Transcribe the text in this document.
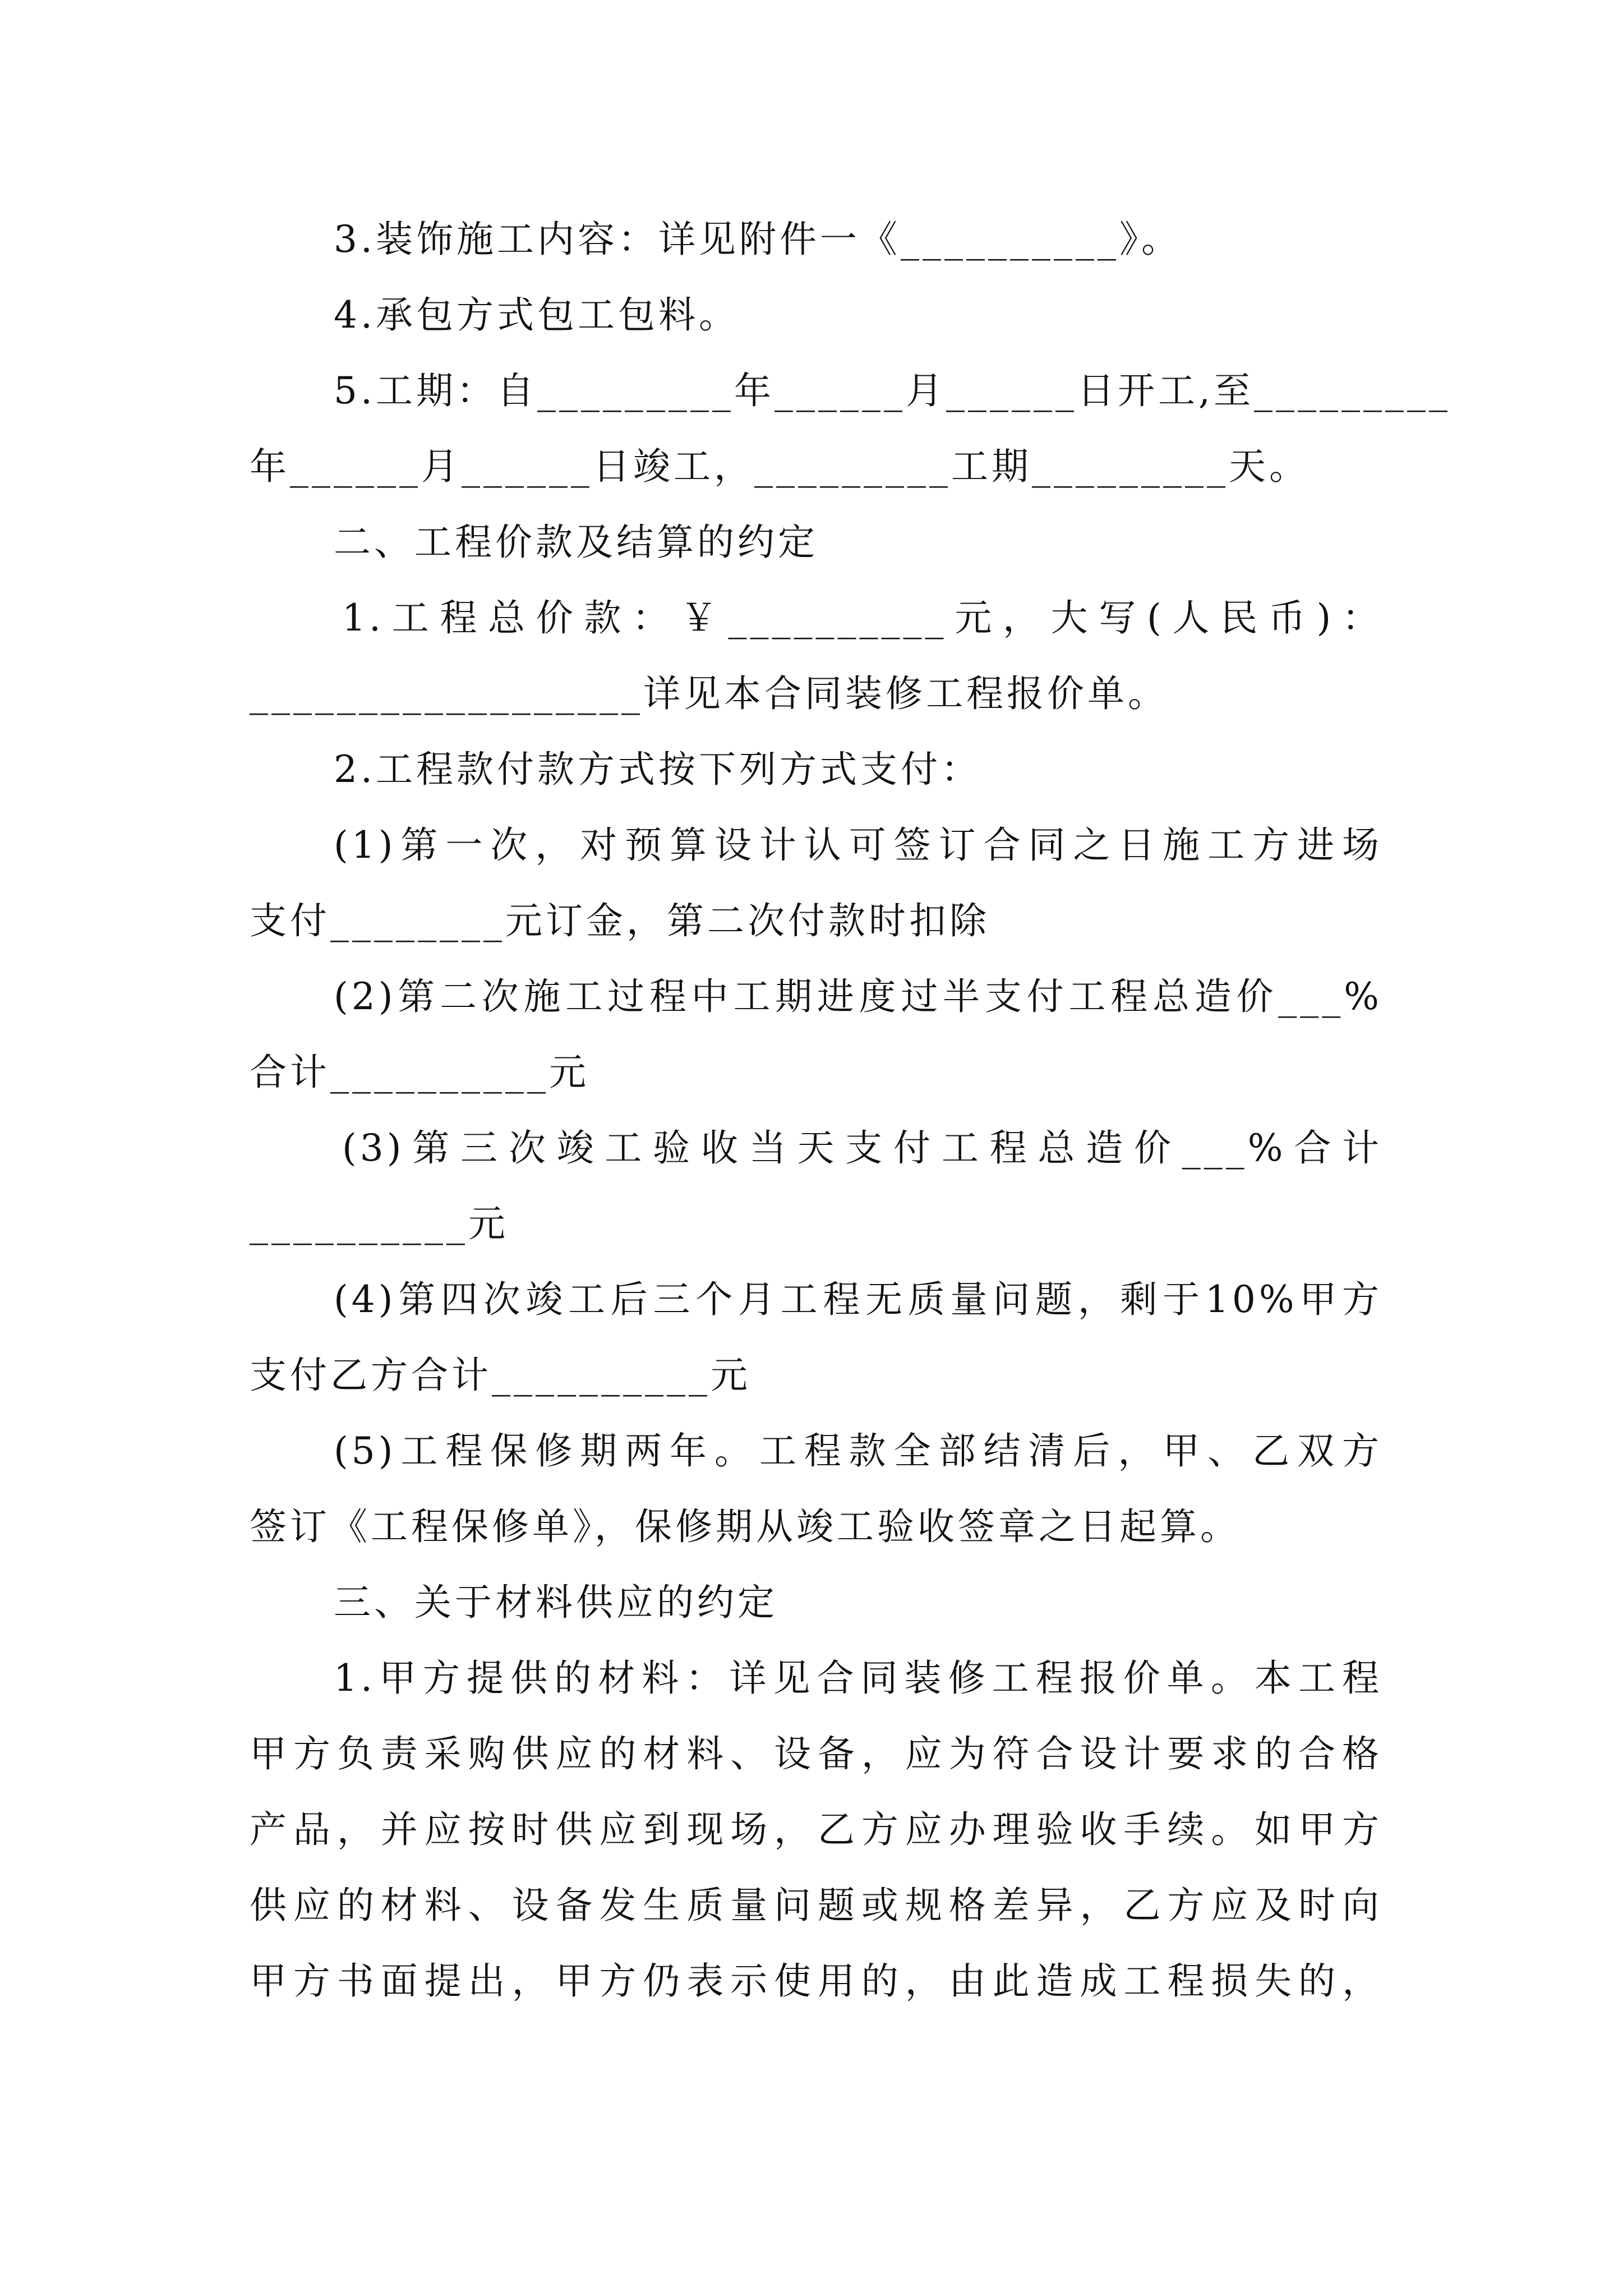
3.装饰施工内容：详见附件一《__________》。
4.承包方式包工包料。
5.工期：自_________年______月______日开工,至_________
年______月______日竣工，_________工期_________天。
二、工程价款及结算的约定
1.工程总价款：￥__________元，大写(人民币)：
__________________详见本合同装修工程报价单。
2.工程款付款方式按下列方式支付：
(1)第一次，对预算设计认可签订合同之日施工方进场
支付________元订金，第二次付款时扣除
(2)第二次施工过程中工期进度过半支付工程总造价___%
合计__________元
(3)第三次竣工验收当天支付工程总造价___%合计
__________元
(4)第四次竣工后三个月工程无质量问题，剩于10%甲方
支付乙方合计__________元
(5)工程保修期两年。工程款全部结清后，甲、乙双方
签订《工程保修单》，保修期从竣工验收签章之日起算。
三、关于材料供应的约定
1.甲方提供的材料：详见合同装修工程报价单。本工程
甲方负责采购供应的材料、设备，应为符合设计要求的合格
产品，并应按时供应到现场，乙方应办理验收手续。如甲方
供应的材料、设备发生质量问题或规格差异，乙方应及时向
甲方书面提出，甲方仍表示使用的，由此造成工程损失的，
